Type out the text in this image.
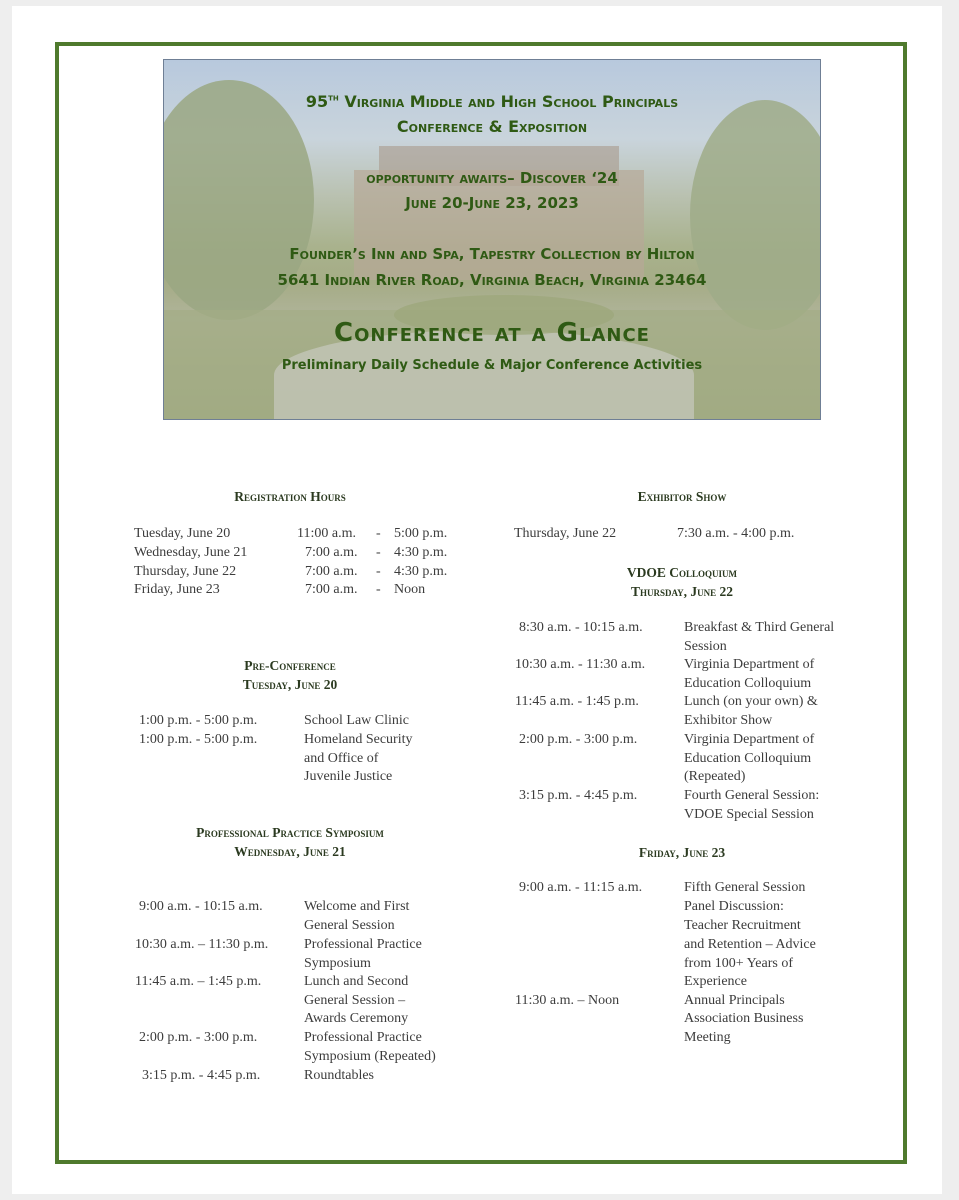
95th Virginia Middle and High School Principals
Conference & Exposition
opportunity awaits– Discover ‘24
June 20-June 23, 2023
Founder’s Inn and Spa, Tapestry Collection by Hilton
5641 Indian River Road, Virginia Beach, Virginia 23464
Conference at a Glance
Preliminary Daily Schedule & Major Conference Activities
Registration Hours
Tuesday, June 20	11:00 a.m. - 5:00 p.m.
Wednesday, June 21	7:00 a.m. - 4:30 p.m.
Thursday, June 22	7:00 a.m. - 4:30 p.m.
Friday, June 23	7:00 a.m. - Noon
Pre-Conference
Tuesday, June 20
1:00 p.m. - 5:00 p.m.	School Law Clinic
1:00 p.m. - 5:00 p.m.	Homeland Security
and Office of
Juvenile Justice
Professional Practice Symposium
Wednesday, June 21
9:00 a.m. - 10:15 a.m.	Welcome and First
General Session
10:30 a.m. – 11:30 p.m.	Professional Practice
Symposium
11:45 a.m. – 1:45 p.m.	Lunch and Second
General Session –
Awards Ceremony
2:00 p.m. - 3:00 p.m.	Professional Practice
Symposium (Repeated)
3:15 p.m. - 4:45 p.m.	Roundtables
Exhibitor Show
Thursday, June 22	7:30 a.m. - 4:00 p.m.
VDOE Colloquium
Thursday, June 22
8:30 a.m. - 10:15 a.m.	Breakfast & Third General
Session
10:30 a.m. - 11:30 a.m.	Virginia Department of
Education Colloquium
11:45 a.m. - 1:45 p.m.	Lunch (on your own) &
Exhibitor Show
2:00 p.m. - 3:00 p.m.	Virginia Department of
Education Colloquium
(Repeated)
3:15 p.m. - 4:45 p.m.	Fourth General Session:
VDOE Special Session
Friday, June 23
9:00 a.m. - 11:15 a.m.	Fifth General Session
Panel Discussion:
Teacher Recruitment
and Retention – Advice
from 100+ Years of
Experience
11:30 a.m. – Noon	Annual Principals
Association Business
Meeting
